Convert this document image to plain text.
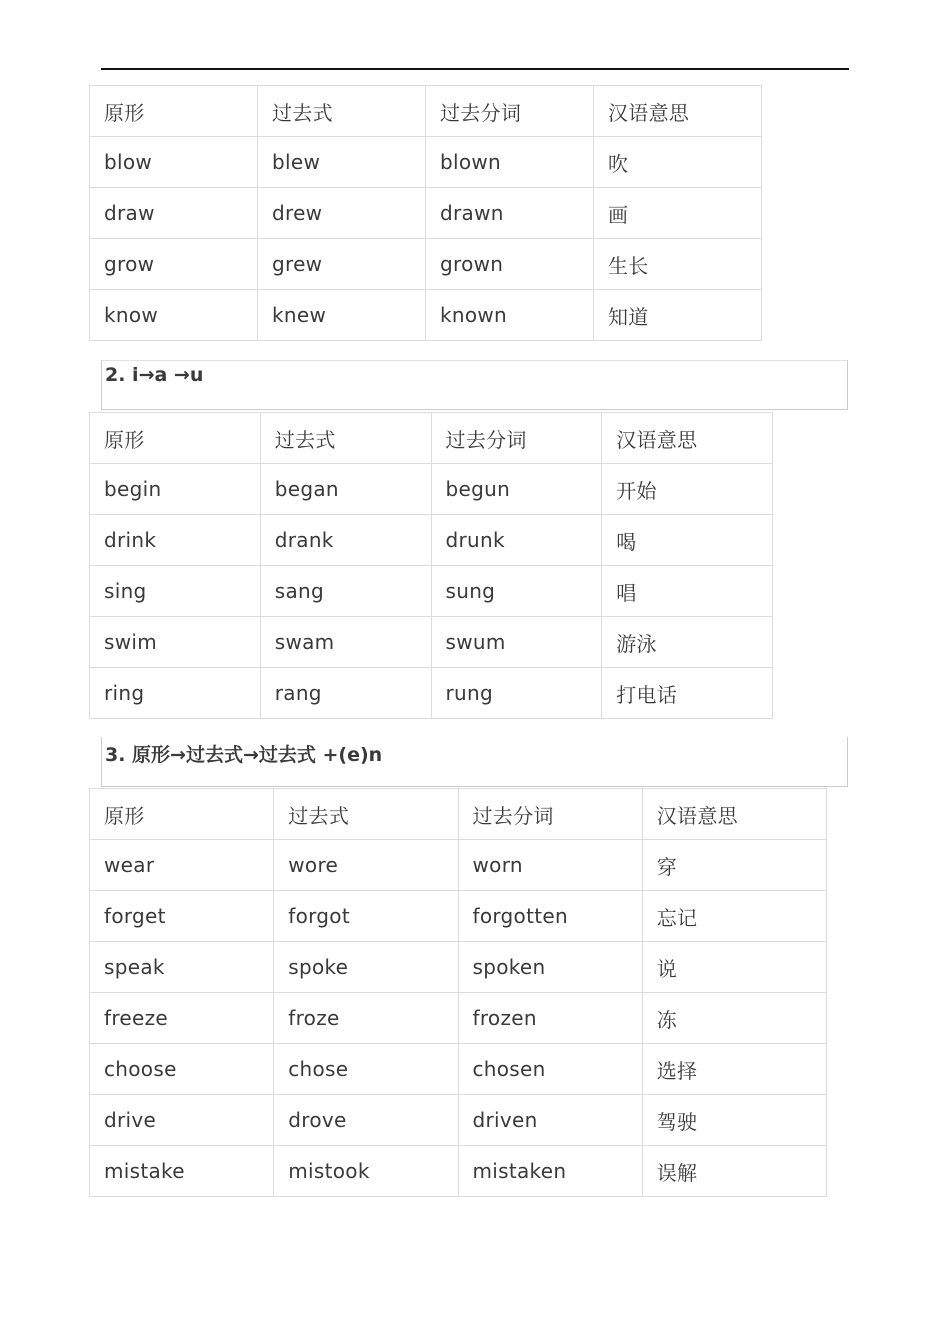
原形	过去式	过去分词	汉语意思
blow	blew	blown	吹
draw	drew	drawn	画
grow	grew	grown	生长
know	knew	known	知道
2. i→a →u
原形	过去式	过去分词	汉语意思
begin	began	begun	开始
drink	drank	drunk	喝
sing	sang	sung	唱
swim	swam	swum	游泳
ring	rang	rung	打电话
3. 原形→过去式→过去式 +(e)n
原形	过去式	过去分词	汉语意思
wear	wore	worn	穿
forget	forgot	forgotten	忘记
speak	spoke	spoken	说
freeze	froze	frozen	冻
choose	chose	chosen	选择
drive	drove	driven	驾驶
mistake	mistook	mistaken	误解
